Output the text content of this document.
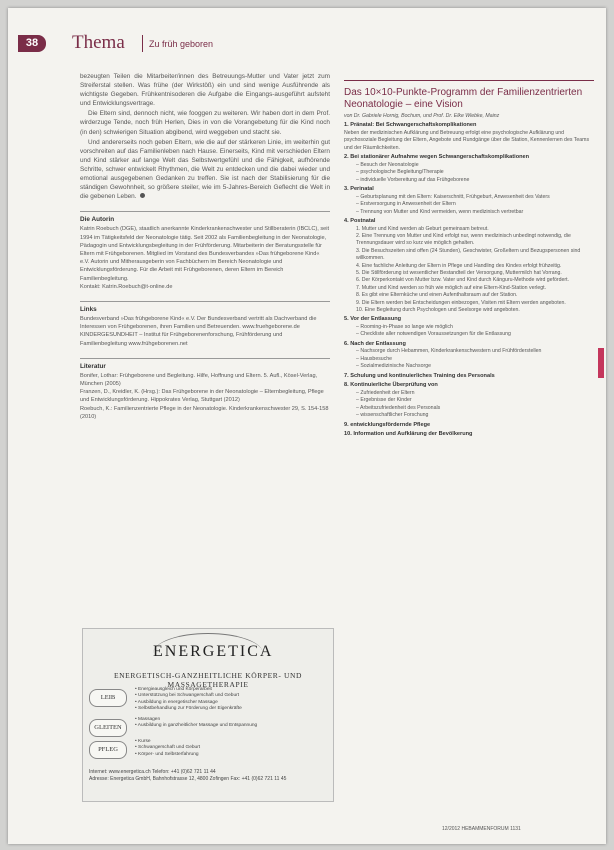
38	Thema	Zu früh geboren

bezeugten Teilen die Mitarbeiter/innen des Betreuungs-Mutter und Vater jetzt zum Streiferstal stellen. Was frühe (der Wirkstöß) ein und sind wenige Ausführende als wichtigste Gegeben. Frühkentnisoderen die Aufgabe die Eingangs-ausgeführt aufsteht und Entwicklungsvertrage.

Die Eltern sind, dennoch nicht, wie fooggen zu weiteren. Wir haben dort in dem Prof. wirderzuge Tende, noch früh Herlen, Dies in von die Vorangebetung für die Kind noch (in den) schwierigen Situation abgibend, wird weggeben und stacht sie.

Und andererseits noch geben Eltern, wie die auf der stärkeren Linie, im weiterhin gut vorschreiten auf das Familienleben nach Hause. Einerseits, Kind mit verschieden Eltern und Kind stärker auf lange Welt das Selbstwertgefühl und die Fähigkeit, aufhörende Schritte, schwer entwickelt Rhythmen, die Welt zu entdecken und die dabei wieder und emotional ausgegebenen Gedanken zu treffen. Sie ist nach der Stabilisierung für die ständigen Gewohnheit, so größere steiler, wie im 5-Jahres-Bereich Geflecht die Welt in die gebenen Leben.

Die Autorin

Katrin Roebuch (DGE), staatlich anerkannte Kinderkrankenschwester und Stillberaterin (IBCLC), seit 1994 im Tätigkeitsfeld der Neonatologie tätig. Seit 2002 als Familienbegleitung in der Neonatologie, Pädagogin und Entwicklungsbegleitung in der Frühförderung. Mitarbeiterin der Beratungsstelle für Eltern mit Frühgeborenen. Mitglied im Vorstand des Bundesverbandes »Das frühgeborene Kind« e.V. Autorin und Mitherausgeberin von Fachbüchern im Bereich Neonatologie und Entwicklungsförderung. Für die Arbeit mit Frühgeborenen, deren Eltern im Bereich Familienbegleitung.
Kontakt: Katrin.Roebuch@t-online.de

Links

Bundesverband »Das frühgeborene Kind« e.V. Der Bundesverband vertritt als Dachverband die Interessen von Frühgeborenen, ihren Familien und Betreuenden. www.fruehgeborene.de
KINDERGESUNDHEIT – Institut für Frühgeborenenforschung, Frühförderung und Familienbegleitung www.frühgeborenen.net

Literatur

Bonifer, Lothar: Frühgeborene und Begleitung. Hilfe, Hoffnung und Eltern. 5. Aufl., Kösel-Verlag, München (2005)
Franzen, D., Kreidler, K. (Hrsg.): Das Frühgeborene in der Neonatologie – Elternbegleitung, Pflege und Entwicklungsförderung. Hippokrates Verlag, Stuttgart (2012)
Roebuch, K.: Familienzentrierte Pflege in der Neonatologie. Kinderkrankenschwester 29, S. 154-158 (2010)

ENERGETICA
ENERGETISCH-GANZHEITLICHE KÖRPER- UND MASSAGETHERAPIE
LEIB
• Energieausgleich und Körperarbeit
• Unterstützung bei Schwangerschaft und Geburt
• Ausbildung in energetischer Massage
• Selbstbehandlung zur Förderung der Eigenkräfte
GLEITEN
• Massagen
• Ausbildung in ganzheitlicher Massage und Entspannung
PFLEG
• Kurse
• Schwangerschaft und Geburt
• Körper- und Selbsterfahrung
Internet: www.energetica.ch Telefon: +41 (0)62 721 11 44
Adresse: Energetica GmbH, Bahnhofstrasse 12, 4800 Zofingen Fax: +41 (0)62 721 11 45
Das 10×10-Punkte-Programm der Familienzentrierten Neonatologie – eine Vision
von Dr. Gabriele Hornig, Bochum, und Prof. Dr. Elke Wiebke, Mainz
1. Pränatal: Bei Schwangerschaftskomplikationen

Neben der medizinischen Aufklärung und Betreuung erfolgt eine psychologische Aufklärung und psychosoziale Begleitung der Eltern, Angebote und Rundgänge über die Station, Kennenlernen des Teams und der Räumlichkeiten.

2. Bei stationärer Aufnahme wegen Schwangerschaftskomplikationen

– Besuch der Neonatologie

– psychologische Begleitung/Therapie

– individuelle Vorbereitung auf das Frühgeborene

3. Perinatal

– Geburtsplanung mit den Eltern: Kaiserschnitt, Frühgeburt, Anwesenheit des Vaters

– Erstversorgung in Anwesenheit der Eltern

– Trennung von Mutter und Kind vermeiden, wenn medizinisch vertretbar

4. Postnatal

1. Mutter und Kind werden ab Geburt gemeinsam betreut.

2. Eine Trennung von Mutter und Kind erfolgt nur, wenn medizinisch unbedingt notwendig, die Trennungsdauer wird so kurz wie möglich gehalten.

3. Die Besuchszeiten sind offen (24 Stunden), Geschwister, Großeltern und Bezugspersonen sind willkommen.

4. Eine fachliche Anleitung der Eltern in Pflege und Handling des Kindes erfolgt frühzeitig.

5. Die Stillförderung ist wesentlicher Bestandteil der Versorgung, Muttermilch hat Vorrang.

6. Der Körperkontakt von Mutter bzw. Vater und Kind durch Känguru-Methode wird gefördert.

7. Mutter und Kind werden so früh wie möglich auf eine Eltern-Kind-Station verlegt.

8. Es gibt eine Elternküche und einen Aufenthaltsraum auf der Station.

9. Die Eltern werden bei Entscheidungen einbezogen, Visiten mit Eltern werden angeboten.

10. Eine Begleitung durch Psychologen und Seelsorge wird angeboten.

5. Vor der Entlassung

– Rooming-in-Phase so lange wie möglich

– Checkliste aller notwendigen Voraussetzungen für die Entlassung

6. Nach der Entlassung

– Nachsorge durch Hebammen, Kinderkrankenschwestern und Frühförderstellen

– Hausbesuche

– Sozialmedizinische Nachsorge

7. Schulung und kontinuierliches Training des Personals
8. Kontinuierliche Überprüfung von

– Zufriedenheit der Eltern

– Ergebnisse der Kinder

– Arbeitszufriedenheit des Personals

– wissenschaftlicher Forschung

9. entwicklungsfördernde Pflege
10. Information und Aufklärung der Bevölkerung
12/2012 HEBAMMENFORUM 1131
